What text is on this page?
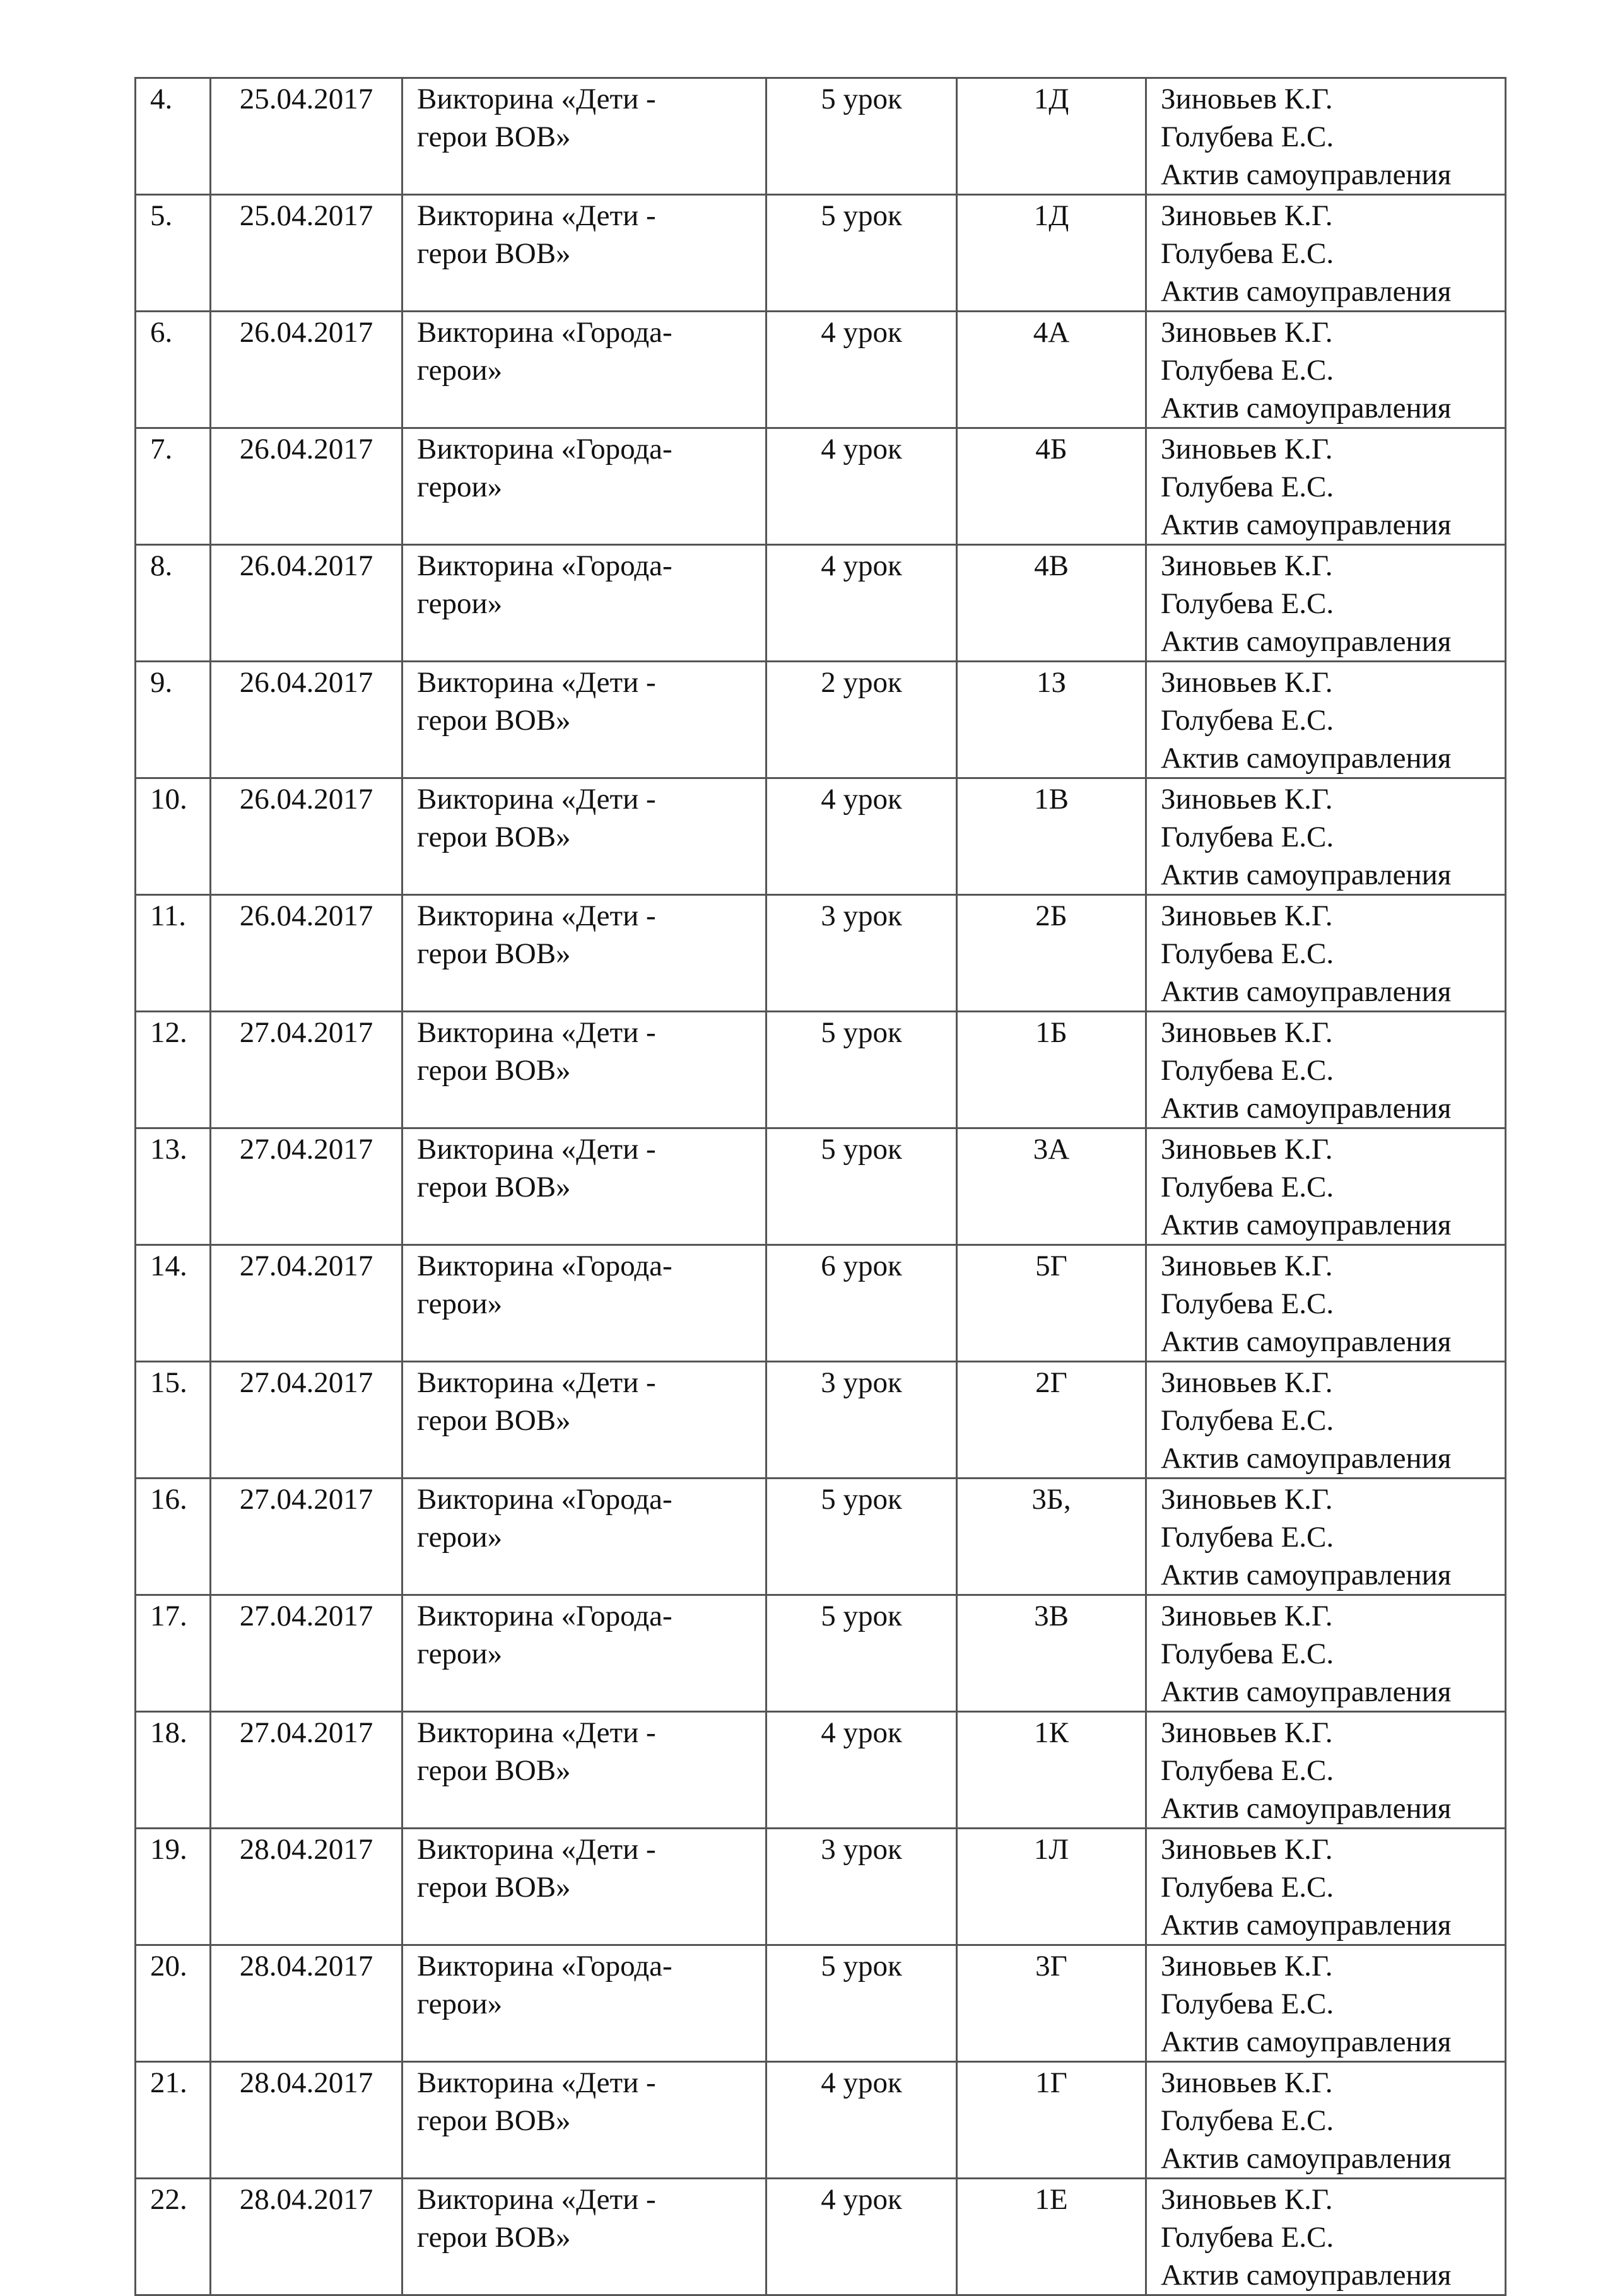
4.	25.04.2017	Викторина «Дети -
герои ВОВ»	5 урок	1Д	Зиновьев К.Г.
Голубева Е.С.
Актив самоуправления

5.	25.04.2017	Викторина «Дети -
герои ВОВ»	5 урок	1Д	Зиновьев К.Г.
Голубева Е.С.
Актив самоуправления

6.	26.04.2017	Викторина «Города-
герои»	4 урок	4А	Зиновьев К.Г.
Голубева Е.С.
Актив самоуправления

7.	26.04.2017	Викторина «Города-
герои»	4 урок	4Б	Зиновьев К.Г.
Голубева Е.С.
Актив самоуправления

8.	26.04.2017	Викторина «Города-
герои»	4 урок	4В	Зиновьев К.Г.
Голубева Е.С.
Актив самоуправления

9.	26.04.2017	Викторина «Дети -
герои ВОВ»	2 урок	1З	Зиновьев К.Г.
Голубева Е.С.
Актив самоуправления

10.	26.04.2017	Викторина «Дети -
герои ВОВ»	4 урок	1В	Зиновьев К.Г.
Голубева Е.С.
Актив самоуправления

11.	26.04.2017	Викторина «Дети -
герои ВОВ»	3 урок	2Б	Зиновьев К.Г.
Голубева Е.С.
Актив самоуправления

12.	27.04.2017	Викторина «Дети -
герои ВОВ»	5 урок	1Б	Зиновьев К.Г.
Голубева Е.С.
Актив самоуправления

13.	27.04.2017	Викторина «Дети -
герои ВОВ»	5 урок	3А	Зиновьев К.Г.
Голубева Е.С.
Актив самоуправления

14.	27.04.2017	Викторина «Города-
герои»	6 урок	5Г	Зиновьев К.Г.
Голубева Е.С.
Актив самоуправления

15.	27.04.2017	Викторина «Дети -
герои ВОВ»	3 урок	2Г	Зиновьев К.Г.
Голубева Е.С.
Актив самоуправления

16.	27.04.2017	Викторина «Города-
герои»	5 урок	3Б,	Зиновьев К.Г.
Голубева Е.С.
Актив самоуправления

17.	27.04.2017	Викторина «Города-
герои»	5 урок	3В	Зиновьев К.Г.
Голубева Е.С.
Актив самоуправления

18.	27.04.2017	Викторина «Дети -
герои ВОВ»	4 урок	1К	Зиновьев К.Г.
Голубева Е.С.
Актив самоуправления

19.	28.04.2017	Викторина «Дети -
герои ВОВ»	3 урок	1Л	Зиновьев К.Г.
Голубева Е.С.
Актив самоуправления

20.	28.04.2017	Викторина «Города-
герои»	5 урок	3Г	Зиновьев К.Г.
Голубева Е.С.
Актив самоуправления

21.	28.04.2017	Викторина «Дети -
герои ВОВ»	4 урок	1Г	Зиновьев К.Г.
Голубева Е.С.
Актив самоуправления

22.	28.04.2017	Викторина «Дети -
герои ВОВ»	4 урок	1Е	Зиновьев К.Г.
Голубева Е.С.
Актив самоуправления
